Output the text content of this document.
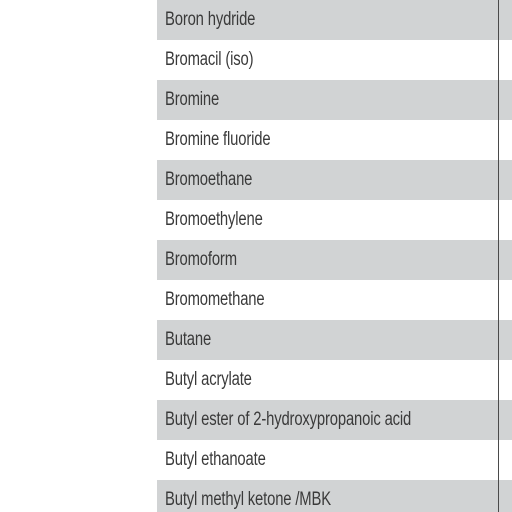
Boron hydride
Bromacil (iso)
Bromine
Bromine fluoride
Bromoethane
Bromoethylene
Bromoform
Bromomethane
Butane
Butyl acrylate
Butyl ester of 2-hydroxypropanoic acid
Butyl ethanoate
Butyl methyl ketone /MBK
